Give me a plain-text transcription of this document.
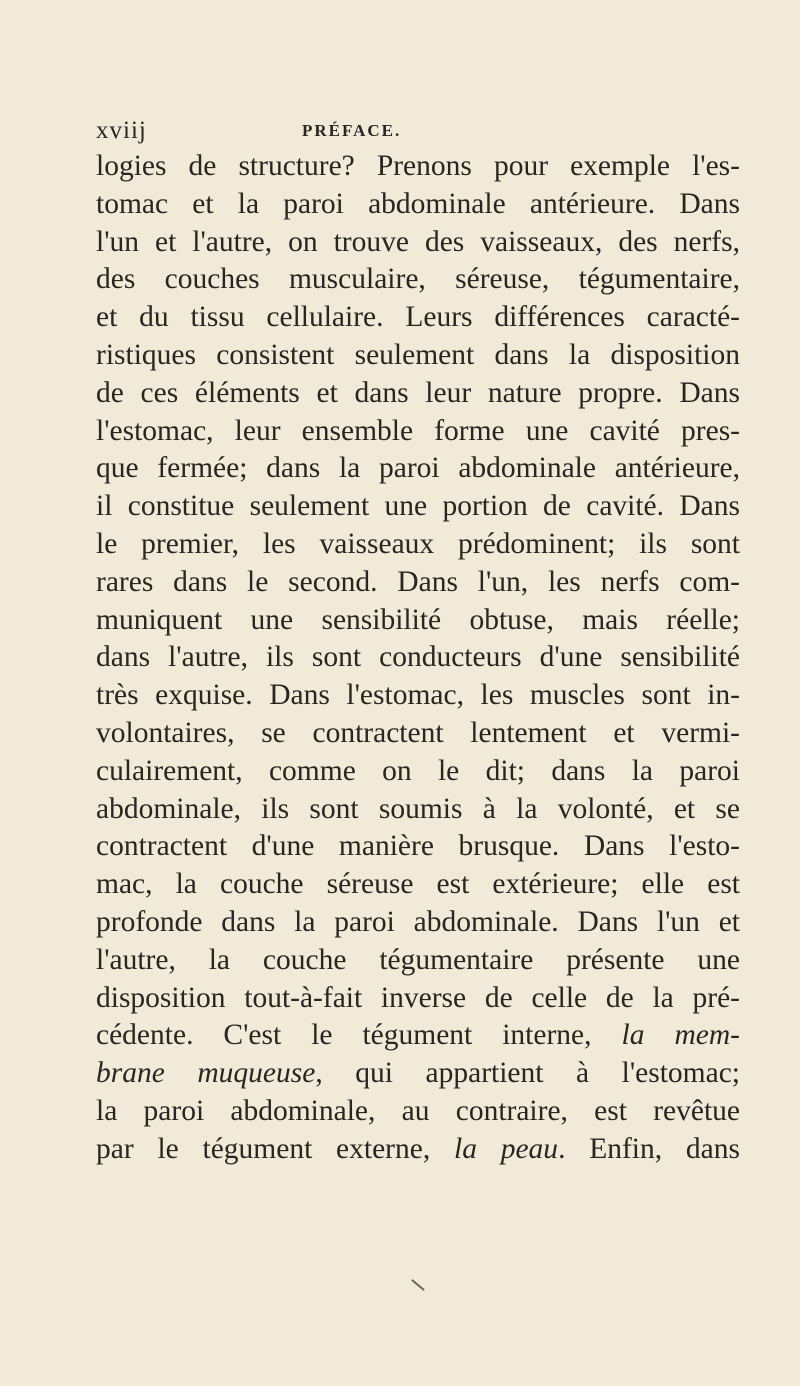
xviij	PRÉFACE.
logies de structure? Prenons pour exemple l'es-
tomac et la paroi abdominale antérieure. Dans
l'un et l'autre, on trouve des vaisseaux, des nerfs,
des couches musculaire, séreuse, tégumentaire,
et du tissu cellulaire. Leurs différences caracté-
ristiques consistent seulement dans la disposition
de ces éléments et dans leur nature propre. Dans
l'estomac, leur ensemble forme une cavité pres-
que fermée; dans la paroi abdominale antérieure,
il constitue seulement une portion de cavité. Dans
le premier, les vaisseaux prédominent; ils sont
rares dans le second. Dans l'un, les nerfs com-
muniquent une sensibilité obtuse, mais réelle;
dans l'autre, ils sont conducteurs d'une sensibilité
très exquise. Dans l'estomac, les muscles sont in-
volontaires, se contractent lentement et vermi-
culairement, comme on le dit; dans la paroi
abdominale, ils sont soumis à la volonté, et se
contractent d'une manière brusque. Dans l'esto-
mac, la couche séreuse est extérieure; elle est
profonde dans la paroi abdominale. Dans l'un et
l'autre, la couche tégumentaire présente une
disposition tout-à-fait inverse de celle de la pré-
cédente. C'est le tégument interne, la mem-
brane muqueuse, qui appartient à l'estomac;
la paroi abdominale, au contraire, est revêtue
par le tégument externe, la peau. Enfin, dans
